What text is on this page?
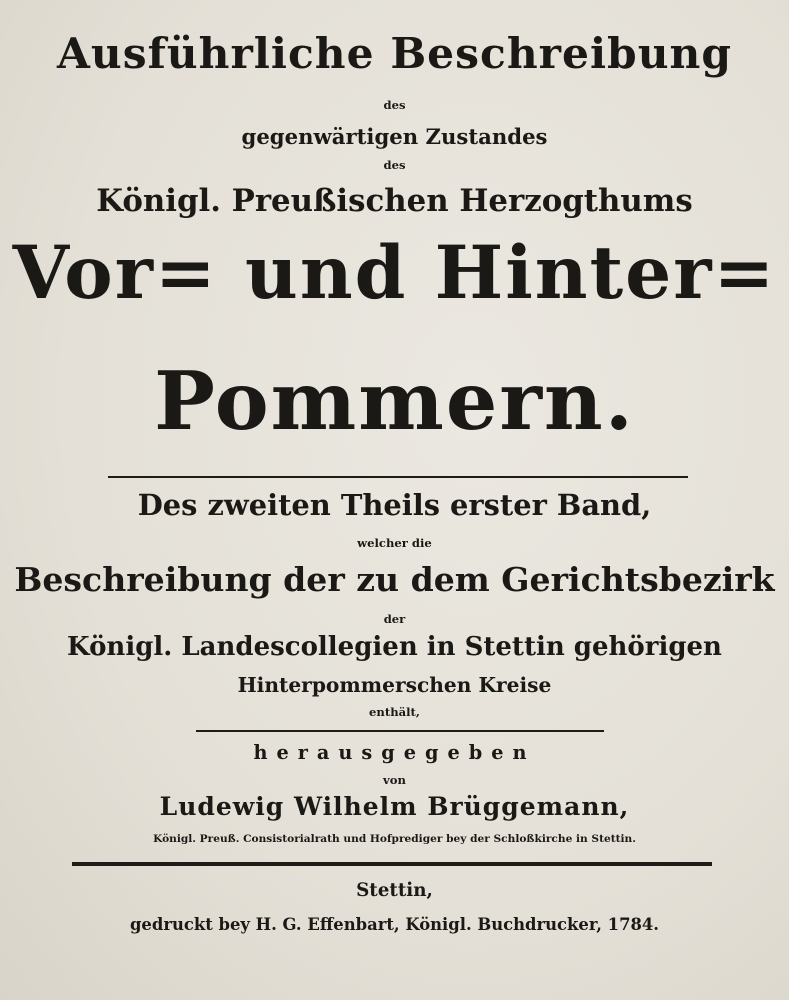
Ausführliche Beschreibung
des
gegenwärtigen Zustandes
des
Königl. Preußischen Herzogthums
Vor= und Hinter=
Pommern.
Des zweiten Theils erster Band,
welcher die
Beschreibung der zu dem Gerichtsbezirk
der
Königl. Landescollegien in Stettin gehörigen
Hinterpommerschen Kreise
enthält,
herausgegeben
von
Ludewig Wilhelm Brüggemann,
Königl. Preuß. Consistorialrath und Hofprediger bey der Schloßkirche in Stettin.
Stettin,
gedruckt bey H. G. Effenbart, Königl. Buchdrucker, 1784.
